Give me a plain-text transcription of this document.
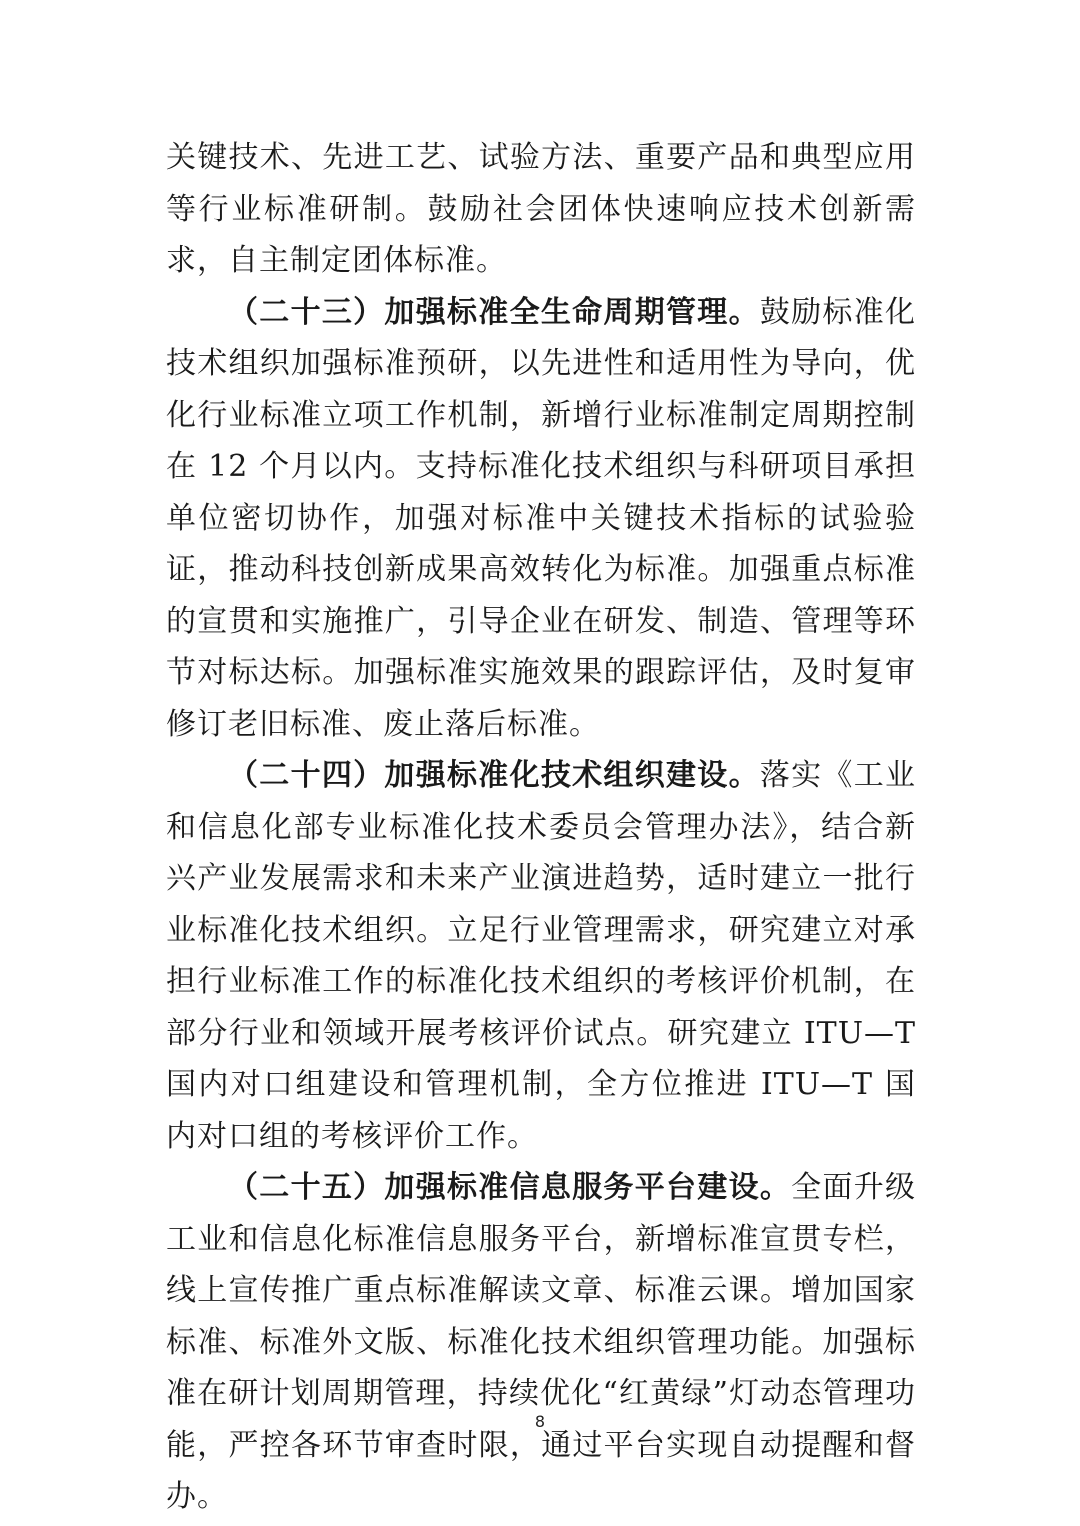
关键技术、先进工艺、试验方法、重要产品和典型应用等行业标准研制。鼓励社会团体快速响应技术创新需求，自主制定团体标准。

（二十三）加强标准全生命周期管理。鼓励标准化技术组织加强标准预研，以先进性和适用性为导向，优化行业标准立项工作机制，新增行业标准制定周期控制在 12 个月以内。支持标准化技术组织与科研项目承担单位密切协作，加强对标准中关键技术指标的试验验证，推动科技创新成果高效转化为标准。加强重点标准的宣贯和实施推广，引导企业在研发、制造、管理等环节对标达标。加强标准实施效果的跟踪评估，及时复审修订老旧标准、废止落后标准。

（二十四）加强标准化技术组织建设。落实《工业和信息化部专业标准化技术委员会管理办法》，结合新兴产业发展需求和未来产业演进趋势，适时建立一批行业标准化技术组织。立足行业管理需求，研究建立对承担行业标准工作的标准化技术组织的考核评价机制，在部分行业和领域开展考核评价试点。研究建立 ITU—T 国内对口组建设和管理机制，全方位推进 ITU—T 国内对口组的考核评价工作。

（二十五）加强标准信息服务平台建设。全面升级工业和信息化标准信息服务平台，新增标准宣贯专栏，线上宣传推广重点标准解读文章、标准云课。增加国家标准、标准外文版、标准化技术组织管理功能。加强标准在研计划周期管理，持续优化“红黄绿”灯动态管理功能，严控各环节审查时限，通过平台实现自动提醒和督办。

8
